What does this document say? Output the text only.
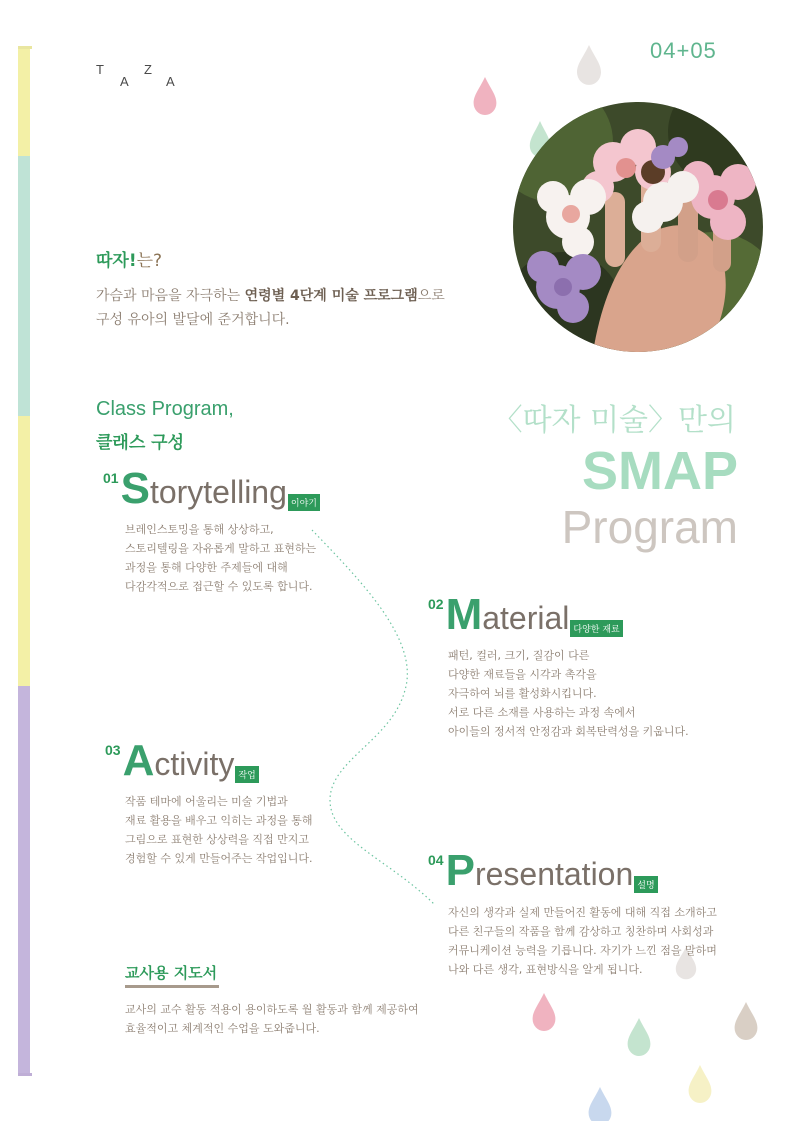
T
A
Z
A
04+05
따자!는?
가슴과 마음을 자극하는 연령별 4단계 미술 프로그램으로
구성 유아의 발달에 준거합니다.
Class Program,
클래스 구성
〈따자 미술〉만의
SMAP
Program
01Storytelling 이야기
브레인스토밍을 통해 상상하고,
스토리텔링을 자유롭게 말하고 표현하는
과정을 통해 다양한 주제들에 대해
다감각적으로 접근할 수 있도록 합니다.
02Material 다양한 재료
패턴, 컬러, 크기, 질감이 다른
다양한 재료들을 시각과 촉각을
자극하여 뇌를 활성화시킵니다.
서로 다른 소재를 사용하는 과정 속에서
아이들의 정서적 안정감과 회복탄력성을 키웁니다.
03Activity 작업
작품 테마에 어울리는 미술 기법과
재료 활용을 배우고 익히는 과정을 통해
그림으로 표현한 상상력을 직접 만지고
경험할 수 있게 만들어주는 작업입니다.	04Presentation 설명
자신의 생각과 실제 만들어진 활동에 대해 직접 소개하고
다른 친구들의 작품을 함께 감상하고 칭찬하며 사회성과
커뮤니케이션 능력을 기릅니다. 자기가 느낀 점을 말하며
나와 다른 생각, 표현방식을 알게 됩니다.
교사용 지도서
교사의 교수 활동 적용이 용이하도록 월 활동과 함께 제공하여
효율적이고 체계적인 수업을 도와줍니다.
